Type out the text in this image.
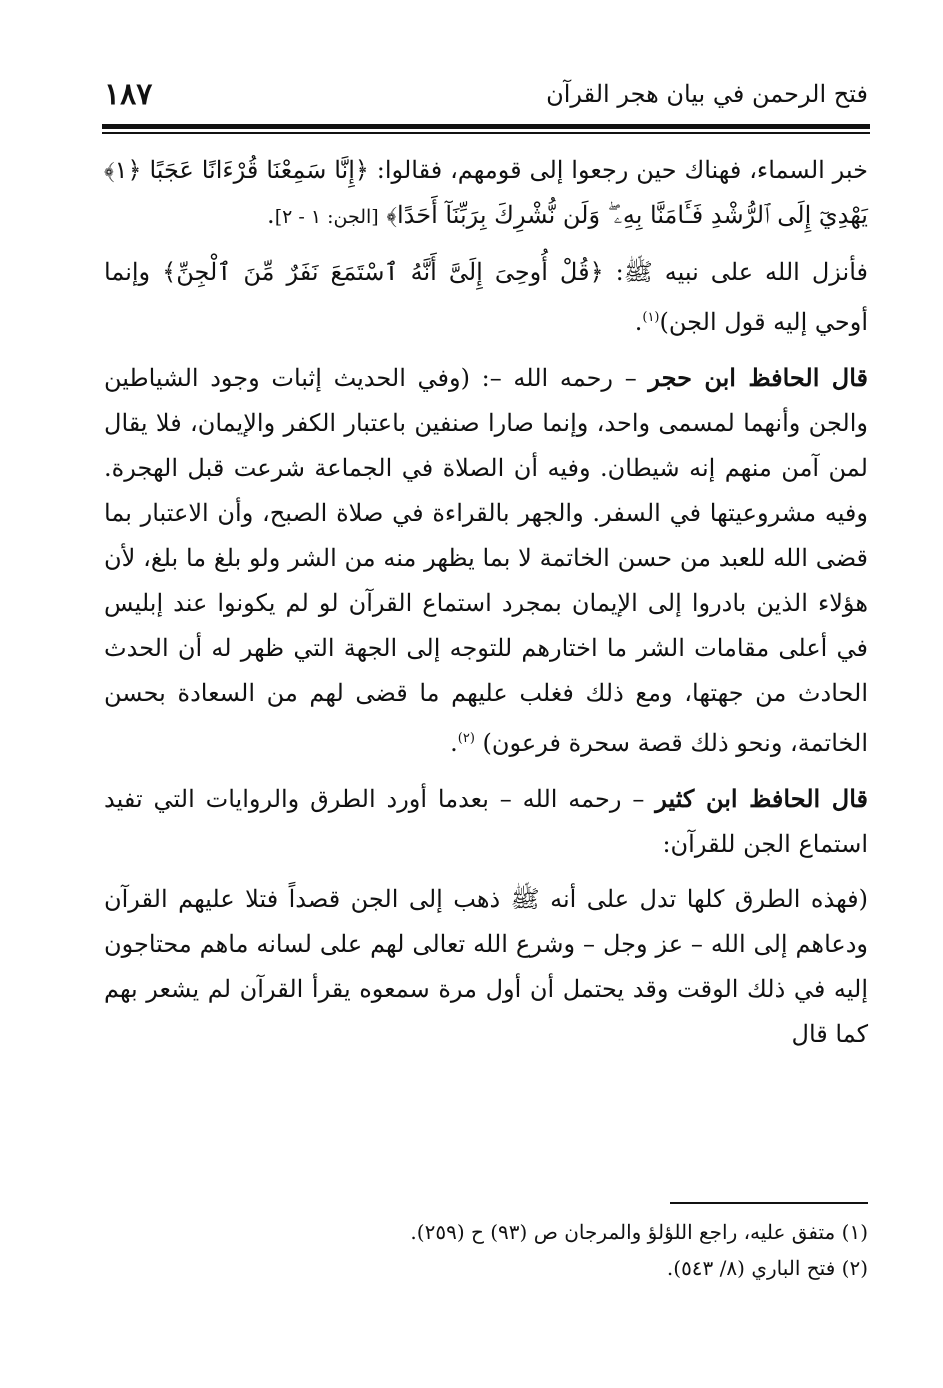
١٨٧	فتح الرحمن في بيان هجر القرآن

خبر السماء، فهناك حين رجعوا إلى قومهم، فقالوا: ﴿إِنَّا سَمِعْنَا قُرْءَانًا عَجَبًا ﴿١﴾ يَهْدِيٓ إِلَى ٱلرُّشْدِ فَـَٔامَنَّا بِهِۦ ۖ وَلَن نُّشْرِكَ بِرَبِّنَآ أَحَدًا﴾ [الجن: ١ - ٢].

فأنزل الله على نبيه ﷺ: ﴿قُلْ أُوحِىَ إِلَىَّ أَنَّهُ ٱسْتَمَعَ نَفَرٌ مِّنَ ٱلْجِنِّ﴾ وإنما أوحي إليه قول الجن)$^{(١)}$.

قال الحافظ ابن حجر – رحمه الله –: (وفي الحديث إثبات وجود الشياطين والجن وأنهما لمسمى واحد، وإنما صارا صنفين باعتبار الكفر والإيمان، فلا يقال لمن آمن منهم إنه شيطان. وفيه أن الصلاة في الجماعة شرعت قبل الهجرة. وفيه مشروعيتها في السفر. والجهر بالقراءة في صلاة الصبح، وأن الاعتبار بما قضى الله للعبد من حسن الخاتمة لا بما يظهر منه من الشر ولو بلغ ما بلغ، لأن هؤلاء الذين بادروا إلى الإيمان بمجرد استماع القرآن لو لم يكونوا عند إبليس في أعلى مقامات الشر ما اختارهم للتوجه إلى الجهة التي ظهر له أن الحدث الحادث من جهتها، ومع ذلك فغلب عليهم ما قضى لهم من السعادة بحسن الخاتمة، ونحو ذلك قصة سحرة فرعون) $^{(٢)}$.

قال الحافظ ابن كثير – رحمه الله – بعدما أورد الطرق والروايات التي تفيد استماع الجن للقرآن:

(فهذه الطرق كلها تدل على أنه ﷺ ذهب إلى الجن قصداً فتلا عليهم القرآن ودعاهم إلى الله – عز وجل – وشرع الله تعالى لهم على لسانه ماهم محتاجون إليه في ذلك الوقت وقد يحتمل أن أول مرة سمعوه يقرأ القرآن لم يشعر بهم كما قال

(١) متفق عليه، راجع اللؤلؤ والمرجان ص (٩٣) ح (٢٥٩).
(٢) فتح الباري (٨/ ٥٤٣).
